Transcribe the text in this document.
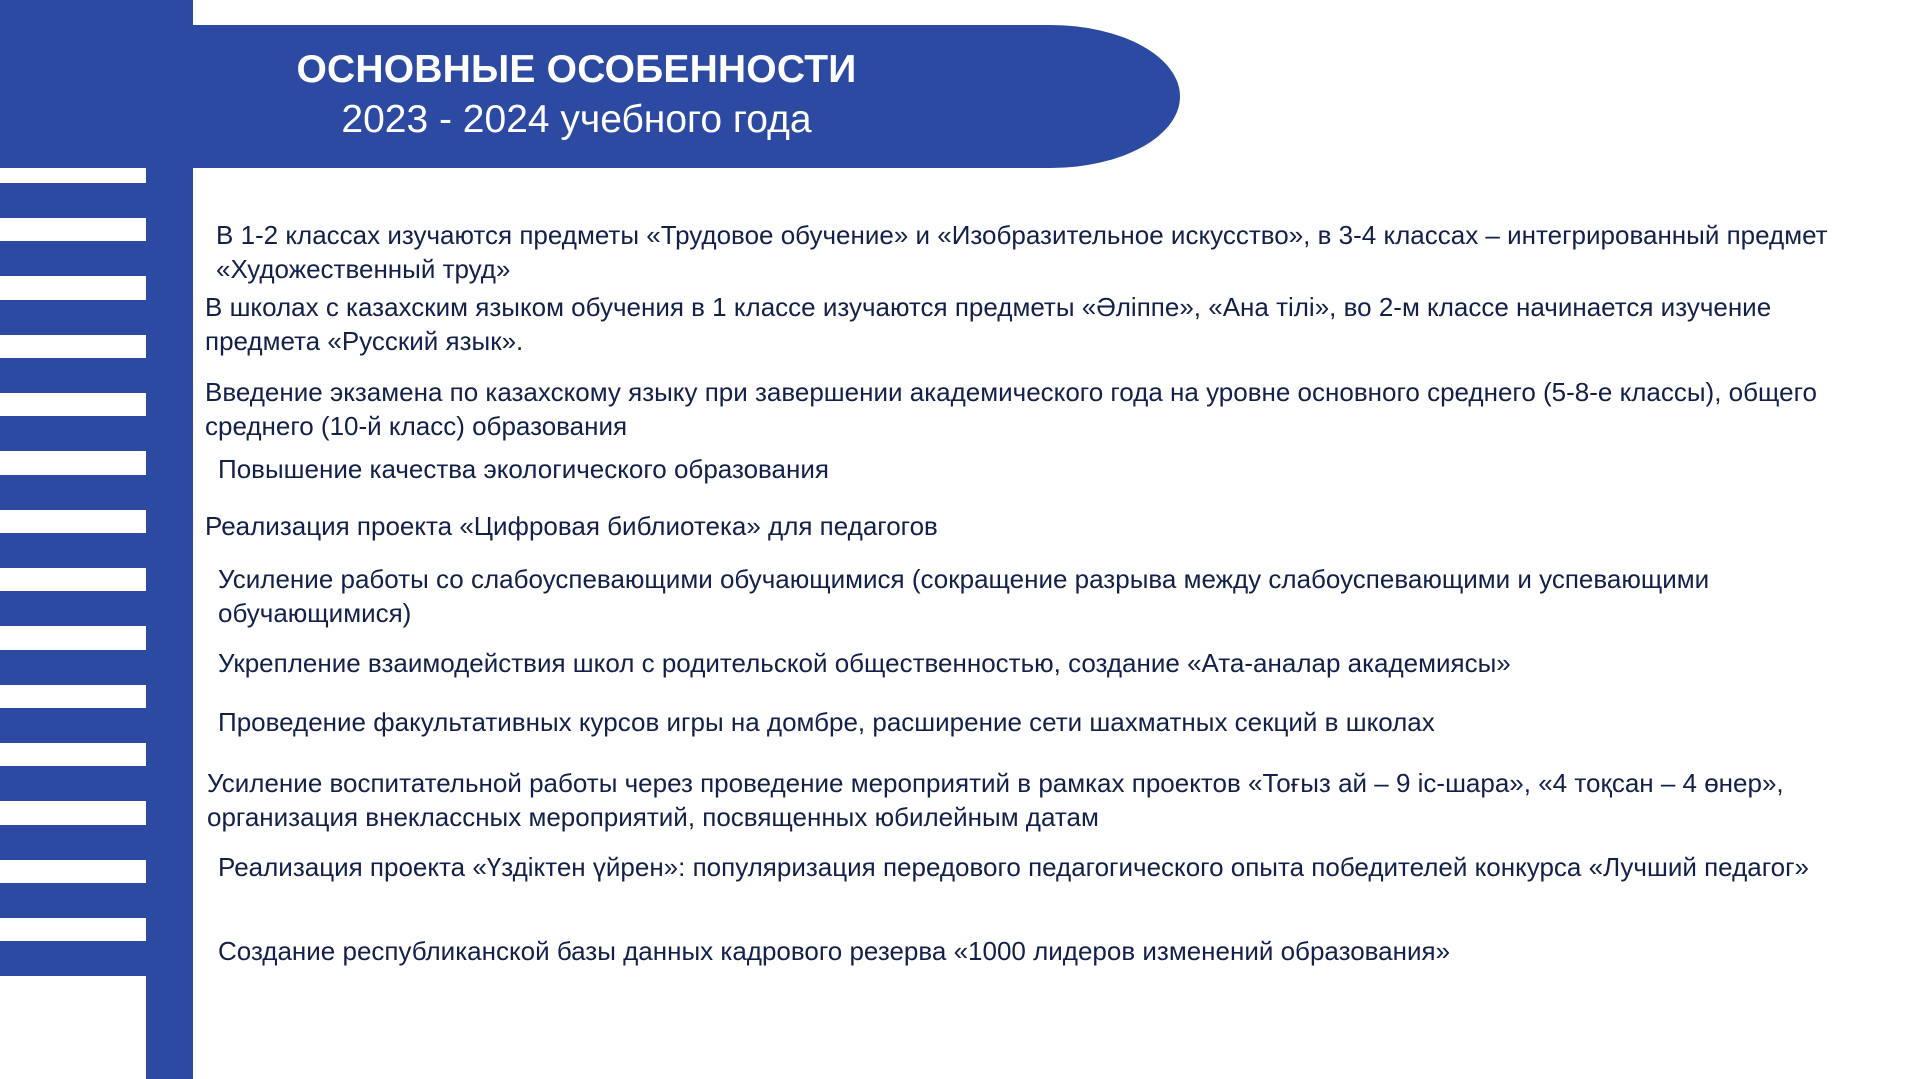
ОСНОВНЫЕ ОСОБЕННОСТИ
2023 - 2024 учебного года
В 1-2 классах изучаются предметы «Трудовое обучение» и «Изобразительное искусство», в 3-4 классах – интегрированный предмет «Художественный труд»
В школах с казахским языком обучения в 1 классе изучаются предметы «Әліппе», «Ана тілі», во 2-м классе начинается изучение предмета «Русский язык».
Введение экзамена по казахскому языку при завершении академического года на уровне основного среднего (5-8-е классы), общего среднего (10-й класс) образования
Повышение качества экологического образования
Реализация проекта «Цифровая библиотека» для педагогов
Усиление работы со слабоуспевающими обучающимися (сокращение разрыва между слабоуспевающими и успевающими обучающимися)
Укрепление взаимодействия школ с родительской общественностью, создание «Ата-аналар академиясы»
Проведение факультативных курсов игры на домбре, расширение сети шахматных секций в школах
Усиление воспитательной работы через проведение мероприятий в рамках проектов «Тоғыз ай – 9 іс-шара», «4 тоқсан – 4 өнер», организация внеклассных мероприятий, посвященных юбилейным датам
Реализация проекта «Үздіктен үйрен»: популяризация передового педагогического опыта победителей конкурса «Лучший педагог»
Создание республиканской базы данных кадрового резерва «1000 лидеров изменений образования»
